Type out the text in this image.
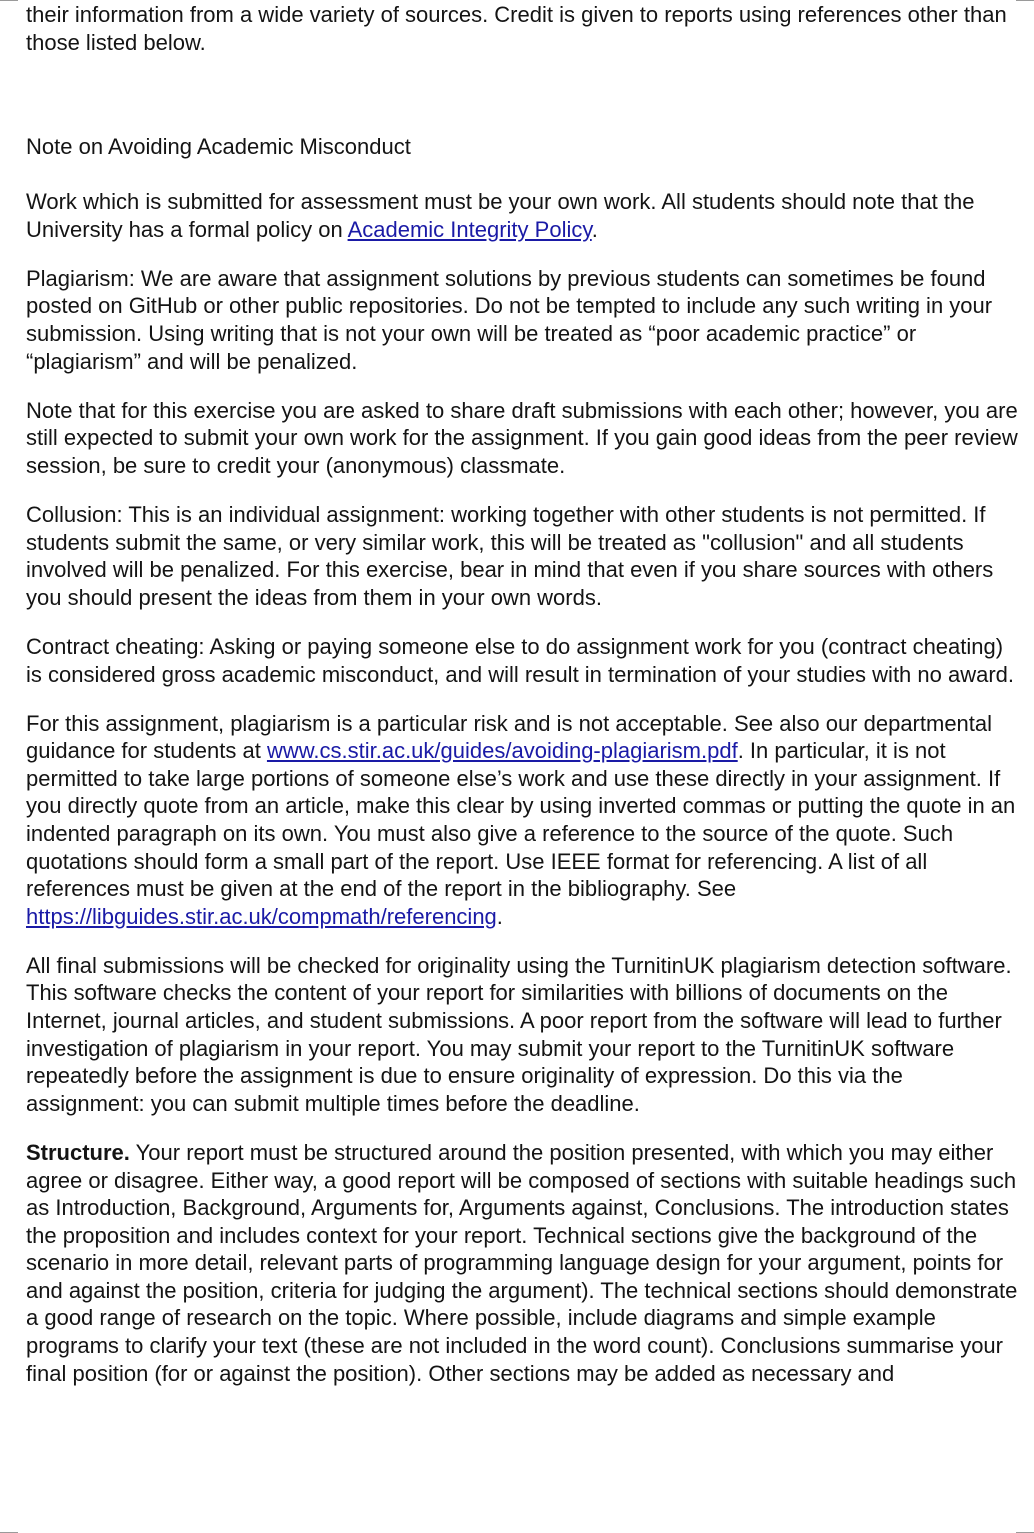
their information from a wide variety of sources. Credit is given to reports using references other than those listed below.

Note on Avoiding Academic Misconduct

Work which is submitted for assessment must be your own work. All students should note that the University has a formal policy on Academic Integrity Policy.

Plagiarism: We are aware that assignment solutions by previous students can sometimes be found posted on GitHub or other public repositories. Do not be tempted to include any such writing in your submission. Using writing that is not your own will be treated as “poor academic practice” or “plagiarism” and will be penalized.

Note that for this exercise you are asked to share draft submissions with each other; however, you are still expected to submit your own work for the assignment. If you gain good ideas from the peer review session, be sure to credit your (anonymous) classmate.

Collusion: This is an individual assignment: working together with other students is not permitted. If students submit the same, or very similar work, this will be treated as "collusion" and all students involved will be penalized. For this exercise, bear in mind that even if you share sources with others you should present the ideas from them in your own words.

Contract cheating: Asking or paying someone else to do assignment work for you (contract cheating) is considered gross academic misconduct, and will result in termination of your studies with no award.

For this assignment, plagiarism is a particular risk and is not acceptable. See also our departmental guidance for students at www.cs.stir.ac.uk/guides/avoiding-plagiarism.pdf. In particular, it is not permitted to take large portions of someone else’s work and use these directly in your assignment. If you directly quote from an article, make this clear by using inverted commas or putting the quote in an indented paragraph on its own. You must also give a reference to the source of the quote. Such quotations should form a small part of the report. Use IEEE format for referencing. A list of all references must be given at the end of the report in the bibliography. See https://libguides.stir.ac.uk/compmath/referencing.

All final submissions will be checked for originality using the TurnitinUK plagiarism detection software. This software checks the content of your report for similarities with billions of documents on the Internet, journal articles, and student submissions. A poor report from the software will lead to further investigation of plagiarism in your report. You may submit your report to the TurnitinUK software repeatedly before the assignment is due to ensure originality of expression. Do this via the assignment: you can submit multiple times before the deadline.

Structure. Your report must be structured around the position presented, with which you may either agree or disagree. Either way, a good report will be composed of sections with suitable headings such as Introduction, Background, Arguments for, Arguments against, Conclusions. The introduction states the proposition and includes context for your report. Technical sections give the background of the scenario in more detail, relevant parts of programming language design for your argument, points for and against the position, criteria for judging the argument). The technical sections should demonstrate a good range of research on the topic. Where possible, include diagrams and simple example programs to clarify your text (these are not included in the word count). Conclusions summarise your final position (for or against the position). Other sections may be added as necessary and
